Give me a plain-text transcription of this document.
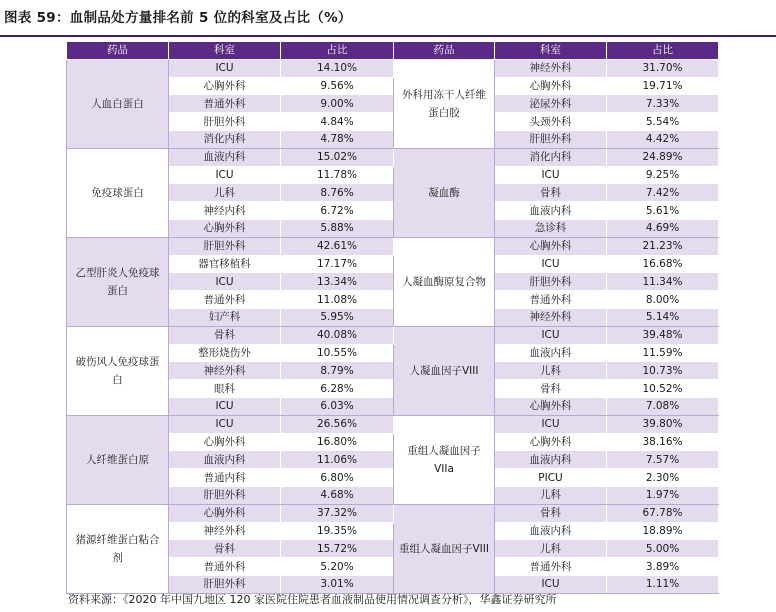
图表 59：血制品处方量排名前 5 位的科室及占比（%）
药品	科室	占比	药品	科室	占比
人血白蛋白	ICU	14.10%	外科用冻干人纤维蛋白胶	神经外科	31.70%
	心胸外科	9.56%		心胸外科	19.71%
	普通外科	9.00%		泌尿外科	7.33%
	肝胆外科	4.84%		头颈外科	5.54%
	消化内科	4.78%		肝胆外科	4.42%
免疫球蛋白	血液内科	15.02%	凝血酶	消化内科	24.89%
	ICU	11.78%		ICU	9.25%
	儿科	8.76%		骨科	7.42%
	神经内科	6.72%		血液内科	5.61%
	心胸外科	5.88%		急诊科	4.69%
乙型肝炎人免疫球蛋白	肝胆外科	42.61%	人凝血酶原复合物	心胸外科	21.23%
	器官移植科	17.17%		ICU	16.68%
	ICU	13.34%		肝胆外科	11.34%
	普通外科	11.08%		普通外科	8.00%
	妇产科	5.95%		神经外科	5.14%
破伤风人免疫球蛋白	骨科	40.08%	人凝血因子VIII	ICU	39.48%
	整形烧伤外	10.55%		血液内科	11.59%
	神经外科	8.79%		儿科	10.73%
	眼科	6.28%		骨科	10.52%
	ICU	6.03%		心胸外科	7.08%
人纤维蛋白原	ICU	26.56%	重组人凝血因子VIIa	ICU	39.80%
	心胸外科	16.80%		心胸外科	38.16%
	血液内科	11.06%		血液内科	7.57%
	普通内科	6.80%		PICU	2.30%
	肝胆外科	4.68%		儿科	1.97%
猪源纤维蛋白粘合剂	心胸外科	37.32%	重组人凝血因子VIII	骨科	67.78%
	神经外科	19.35%		血液内科	18.89%
	骨科	15.72%		儿科	5.00%
	普通外科	5.20%		普通外科	3.89%
	肝胆外科	3.01%		ICU	1.11%
资料来源：《2020 年中国九地区 120 家医院住院患者血液制品使用情况调查分析》，华鑫证券研究所
